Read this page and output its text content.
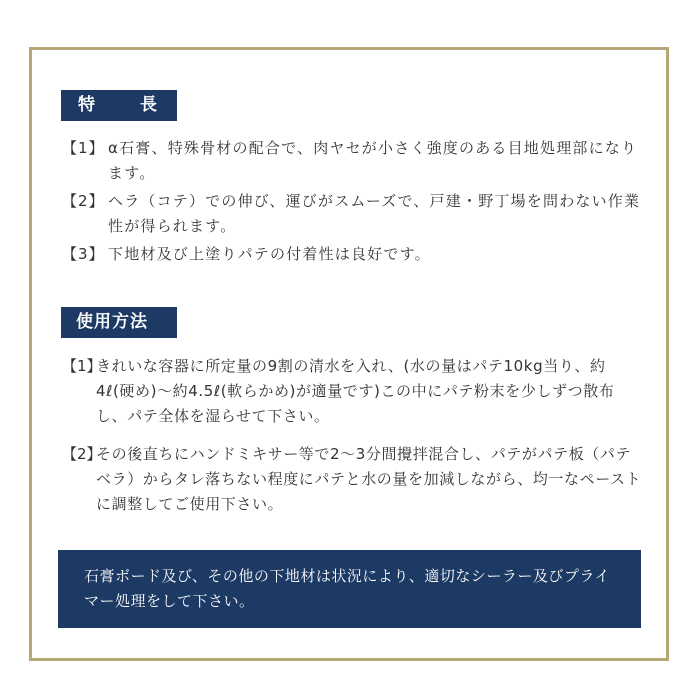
特　長
【1】 α石膏、特殊骨材の配合で、肉ヤセが小さく強度のある目地処理部になります。
【2】 ヘラ（コテ）での伸び、運びがスムーズで、戸建・野丁場を問わない作業性が得られます。
【3】 下地材及び上塗りパテの付着性は良好です。
使用方法
【1】
きれいな容器に所定量の9割の清水を入れ、(水の量はパテ10kg当り、約4ℓ(硬め)～約4.5ℓ(軟らかめ)が適量です)この中にパテ粉末を少しずつ散布し、パテ全体を湿らせて下さい。
【2】
その後直ちにハンドミキサー等で2～3分間攪拌混合し、パテがパテ板（パテベラ）からタレ落ちない程度にパテと水の量を加減しながら、均一なペーストに調整してご使用下さい。
石膏ボード及び、その他の下地材は状況により、適切なシーラー及びプライマー処理をして下さい。
